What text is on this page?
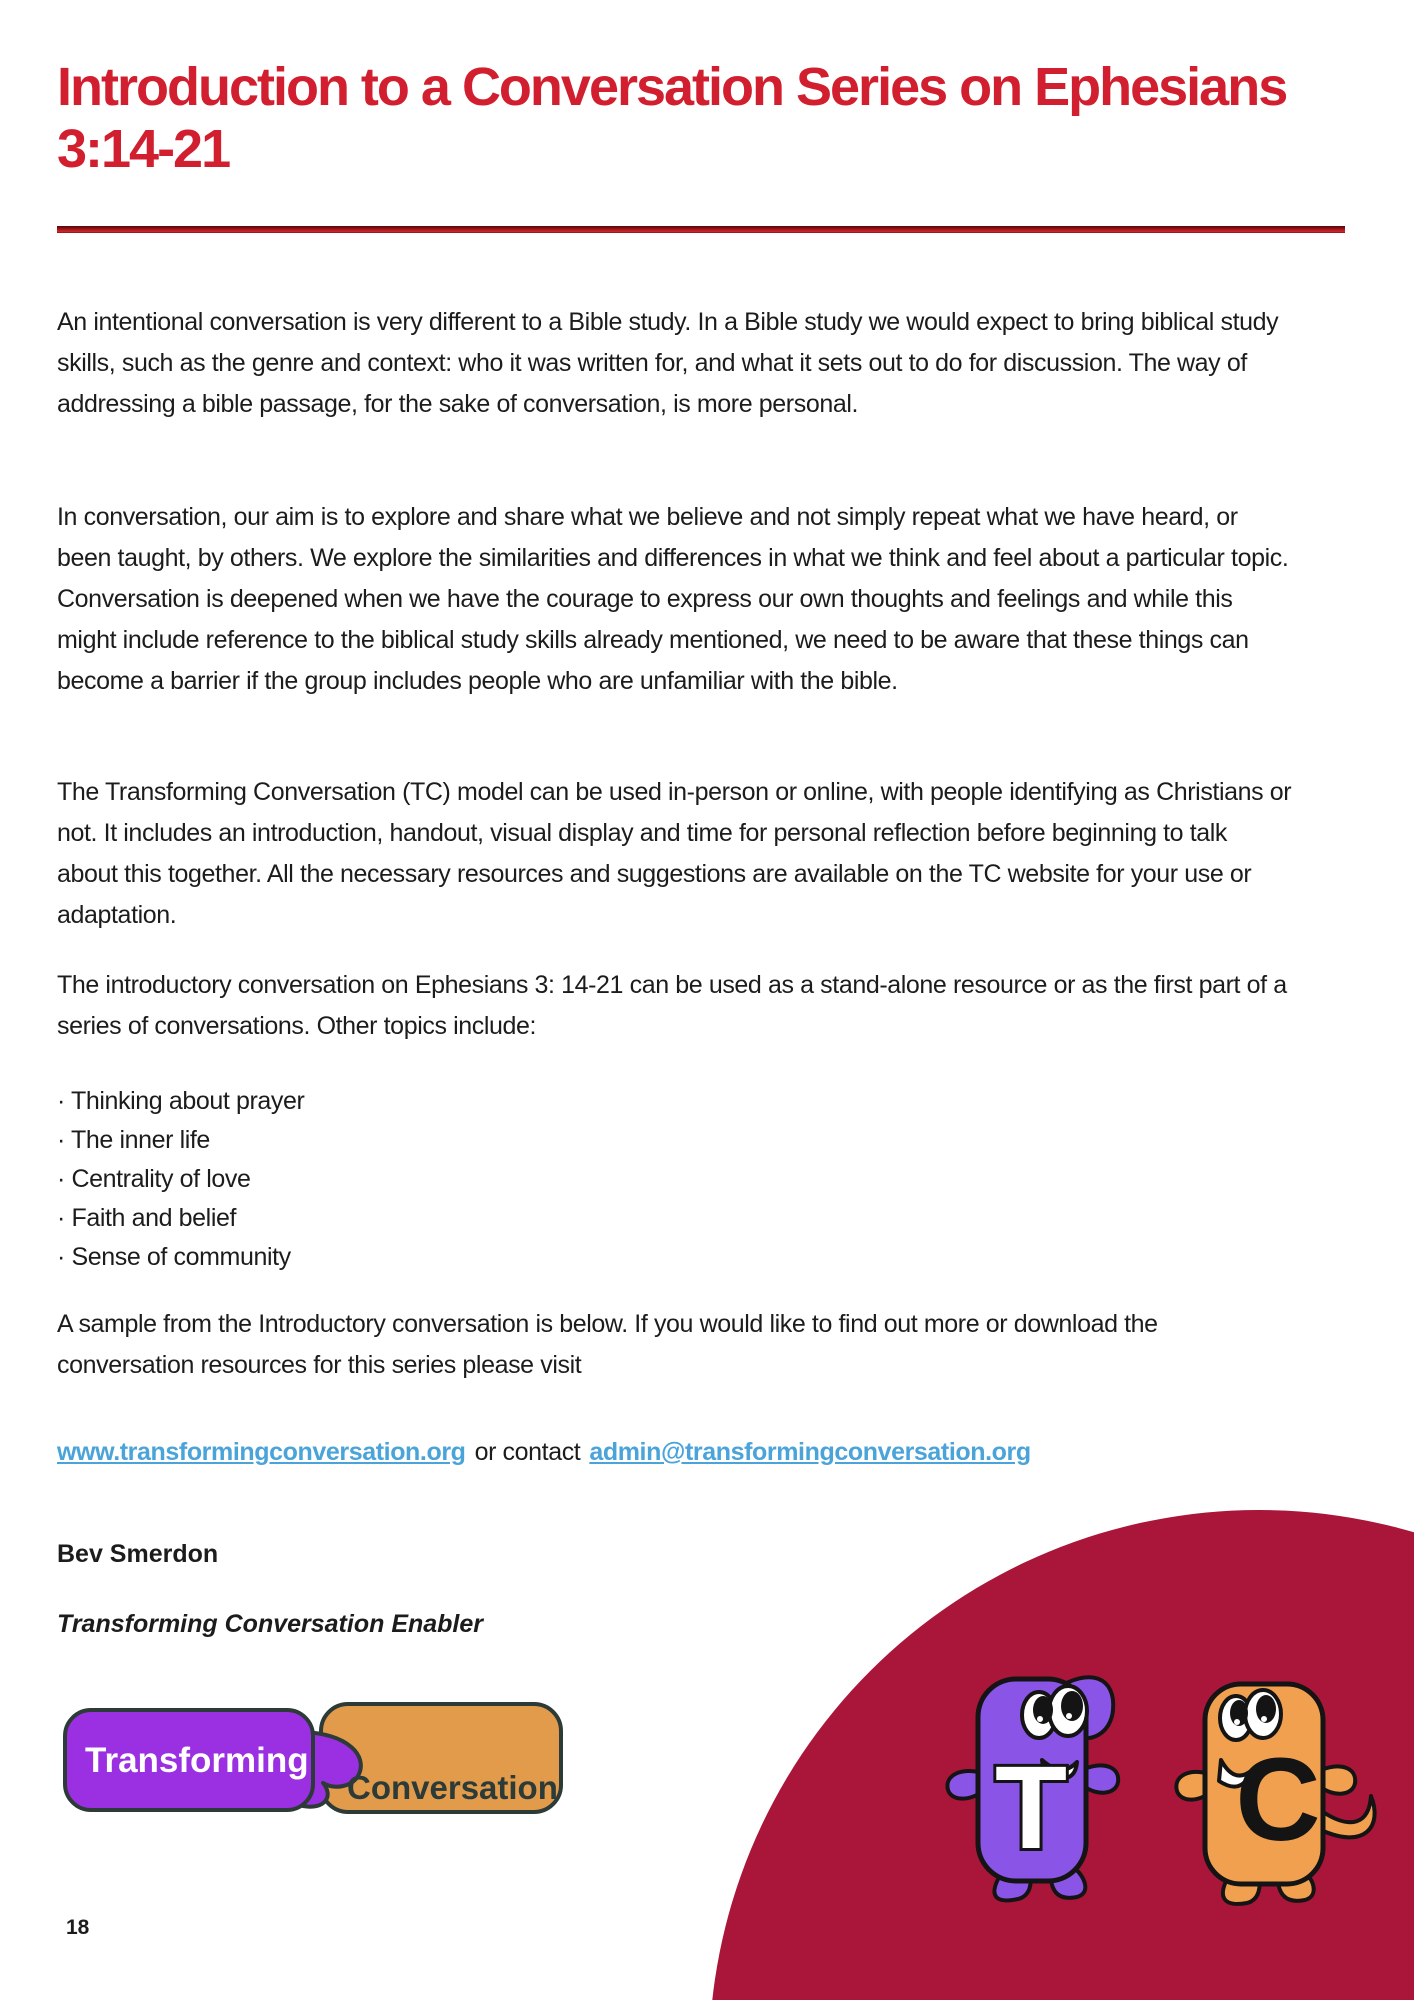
Introduction to a Conversation Series on Ephesians 3:14-21

An intentional conversation is very different to a Bible study. In a Bible study we would expect to bring biblical study skills, such as the genre and context: who it was written for, and what it sets out to do for discussion. The way of addressing a bible passage, for the sake of conversation, is more personal.

In conversation, our aim is to explore and share what we believe and not simply repeat what we have heard, or been taught, by others. We explore the similarities and differences in what we think and feel about a particular topic. Conversation is deepened when we have the courage to express our own thoughts and feelings and while this might include reference to the biblical study skills already mentioned, we need to be aware that these things can become a barrier if the group includes people who are unfamiliar with the bible.

The Transforming Conversation (TC) model can be used in-person or online, with people identifying as Christians or not. It includes an introduction, handout, visual display and time for personal reflection before beginning to talk about this together. All the necessary resources and suggestions are available on the TC website for your use or adaptation.

The introductory conversation on Ephesians 3: 14-21 can be used as a stand-alone resource or as the first part of a series of conversations. Other topics include:

· Thinking about prayer

· The inner life

· Centrality of love

· Faith and belief

· Sense of community

A sample from the Introductory conversation is below. If you would like to find out more or download the conversation resources for this series please visit

www.transformingconversation.org or contact admin@transformingconversation.org

Bev Smerdon

Transforming Conversation Enabler

Transforming
Conversation	T C

18
